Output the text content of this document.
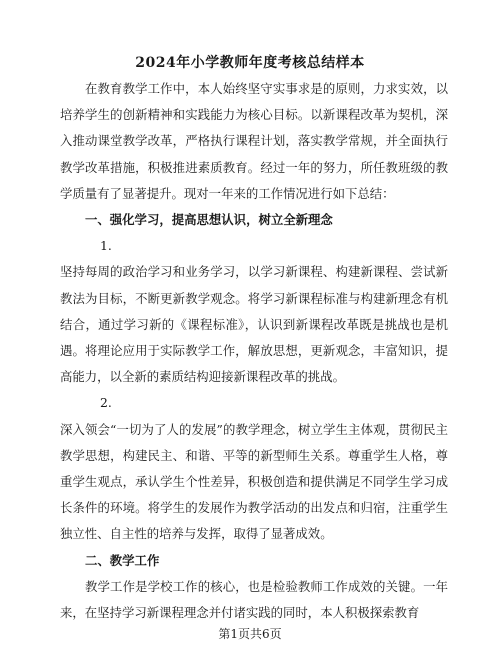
2024年小学教师年度考核总结样本

在教育教学工作中，本人始终坚守实事求是的原则，力求实效，以培养学生的创新精神和实践能力为核心目标。以新课程改革为契机，深入推动课堂教学改革，严格执行课程计划，落实教学常规，并全面执行教学改革措施，积极推进素质教育。经过一年的努力，所任教班级的教学质量有了显著提升。现对一年来的工作情况进行如下总结：

一、强化学习，提高思想认识，树立全新理念

1.

坚持每周的政治学习和业务学习，以学习新课程、构建新课程、尝试新教法为目标，不断更新教学观念。将学习新课程标准与构建新理念有机结合，通过学习新的《课程标准》，认识到新课程改革既是挑战也是机遇。将理论应用于实际教学工作，解放思想，更新观念，丰富知识，提高能力，以全新的素质结构迎接新课程改革的挑战。

2.

深入领会“一切为了人的发展”的教学理念，树立学生主体观，贯彻民主教学思想，构建民主、和谐、平等的新型师生关系。尊重学生人格，尊重学生观点，承认学生个性差异，积极创造和提供满足不同学生学习成长条件的环境。将学生的发展作为教学活动的出发点和归宿，注重学生独立性、自主性的培养与发挥，取得了显著成效。

二、教学工作

教学工作是学校工作的核心，也是检验教师工作成效的关键。一年来，在坚持学习新课程理念并付诸实践的同时，本人积极探索教育

第1页共6页
